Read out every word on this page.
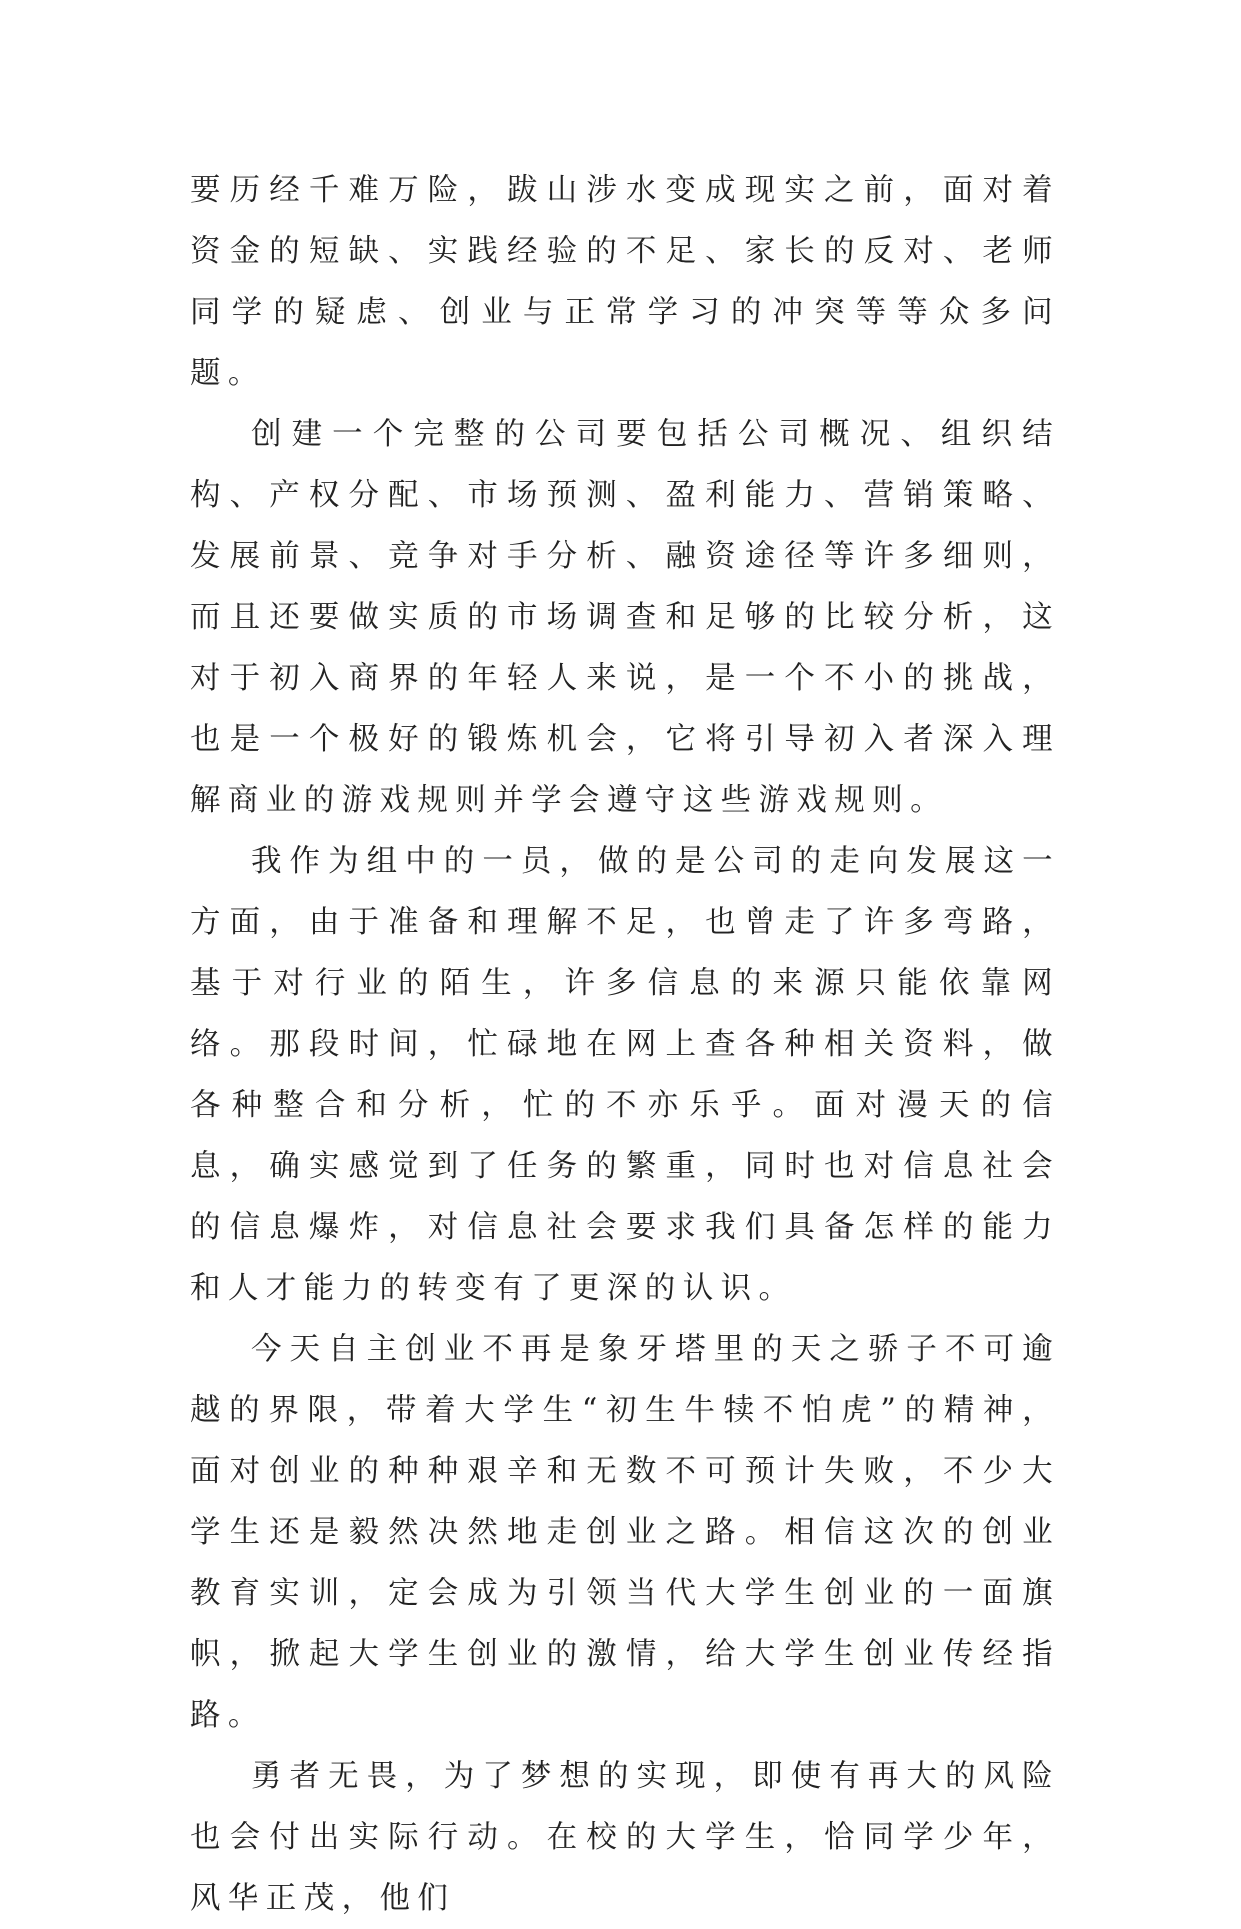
要历经千难万险，跋山涉水变成现实之前，面对着资金的短缺、实践经验的不足、家长的反对、老师同学的疑虑、创业与正常学习的冲突等等众多问题。

创建一个完整的公司要包括公司概况、组织结构、产权分配、市场预测、盈利能力、营销策略、发展前景、竞争对手分析、融资途径等许多细则，而且还要做实质的市场调查和足够的比较分析，这对于初入商界的年轻人来说，是一个不小的挑战，也是一个极好的锻炼机会，它将引导初入者深入理解商业的游戏规则并学会遵守这些游戏规则。

我作为组中的一员，做的是公司的走向发展这一方面，由于准备和理解不足，也曾走了许多弯路，基于对行业的陌生，许多信息的来源只能依靠网络。那段时间，忙碌地在网上查各种相关资料，做各种整合和分析，忙的不亦乐乎。面对漫天的信息，确实感觉到了任务的繁重，同时也对信息社会的信息爆炸，对信息社会要求我们具备怎样的能力和人才能力的转变有了更深的认识。

今天自主创业不再是象牙塔里的天之骄子不可逾越的界限，带着大学生“初生牛犊不怕虎”的精神，面对创业的种种艰辛和无数不可预计失败，不少大学生还是毅然决然地走创业之路。相信这次的创业教育实训，定会成为引领当代大学生创业的一面旗帜，掀起大学生创业的激情，给大学生创业传经指路。

勇者无畏，为了梦想的实现，即使有再大的风险也会付出实际行动。在校的大学生，恰同学少年，风华正茂，他们
